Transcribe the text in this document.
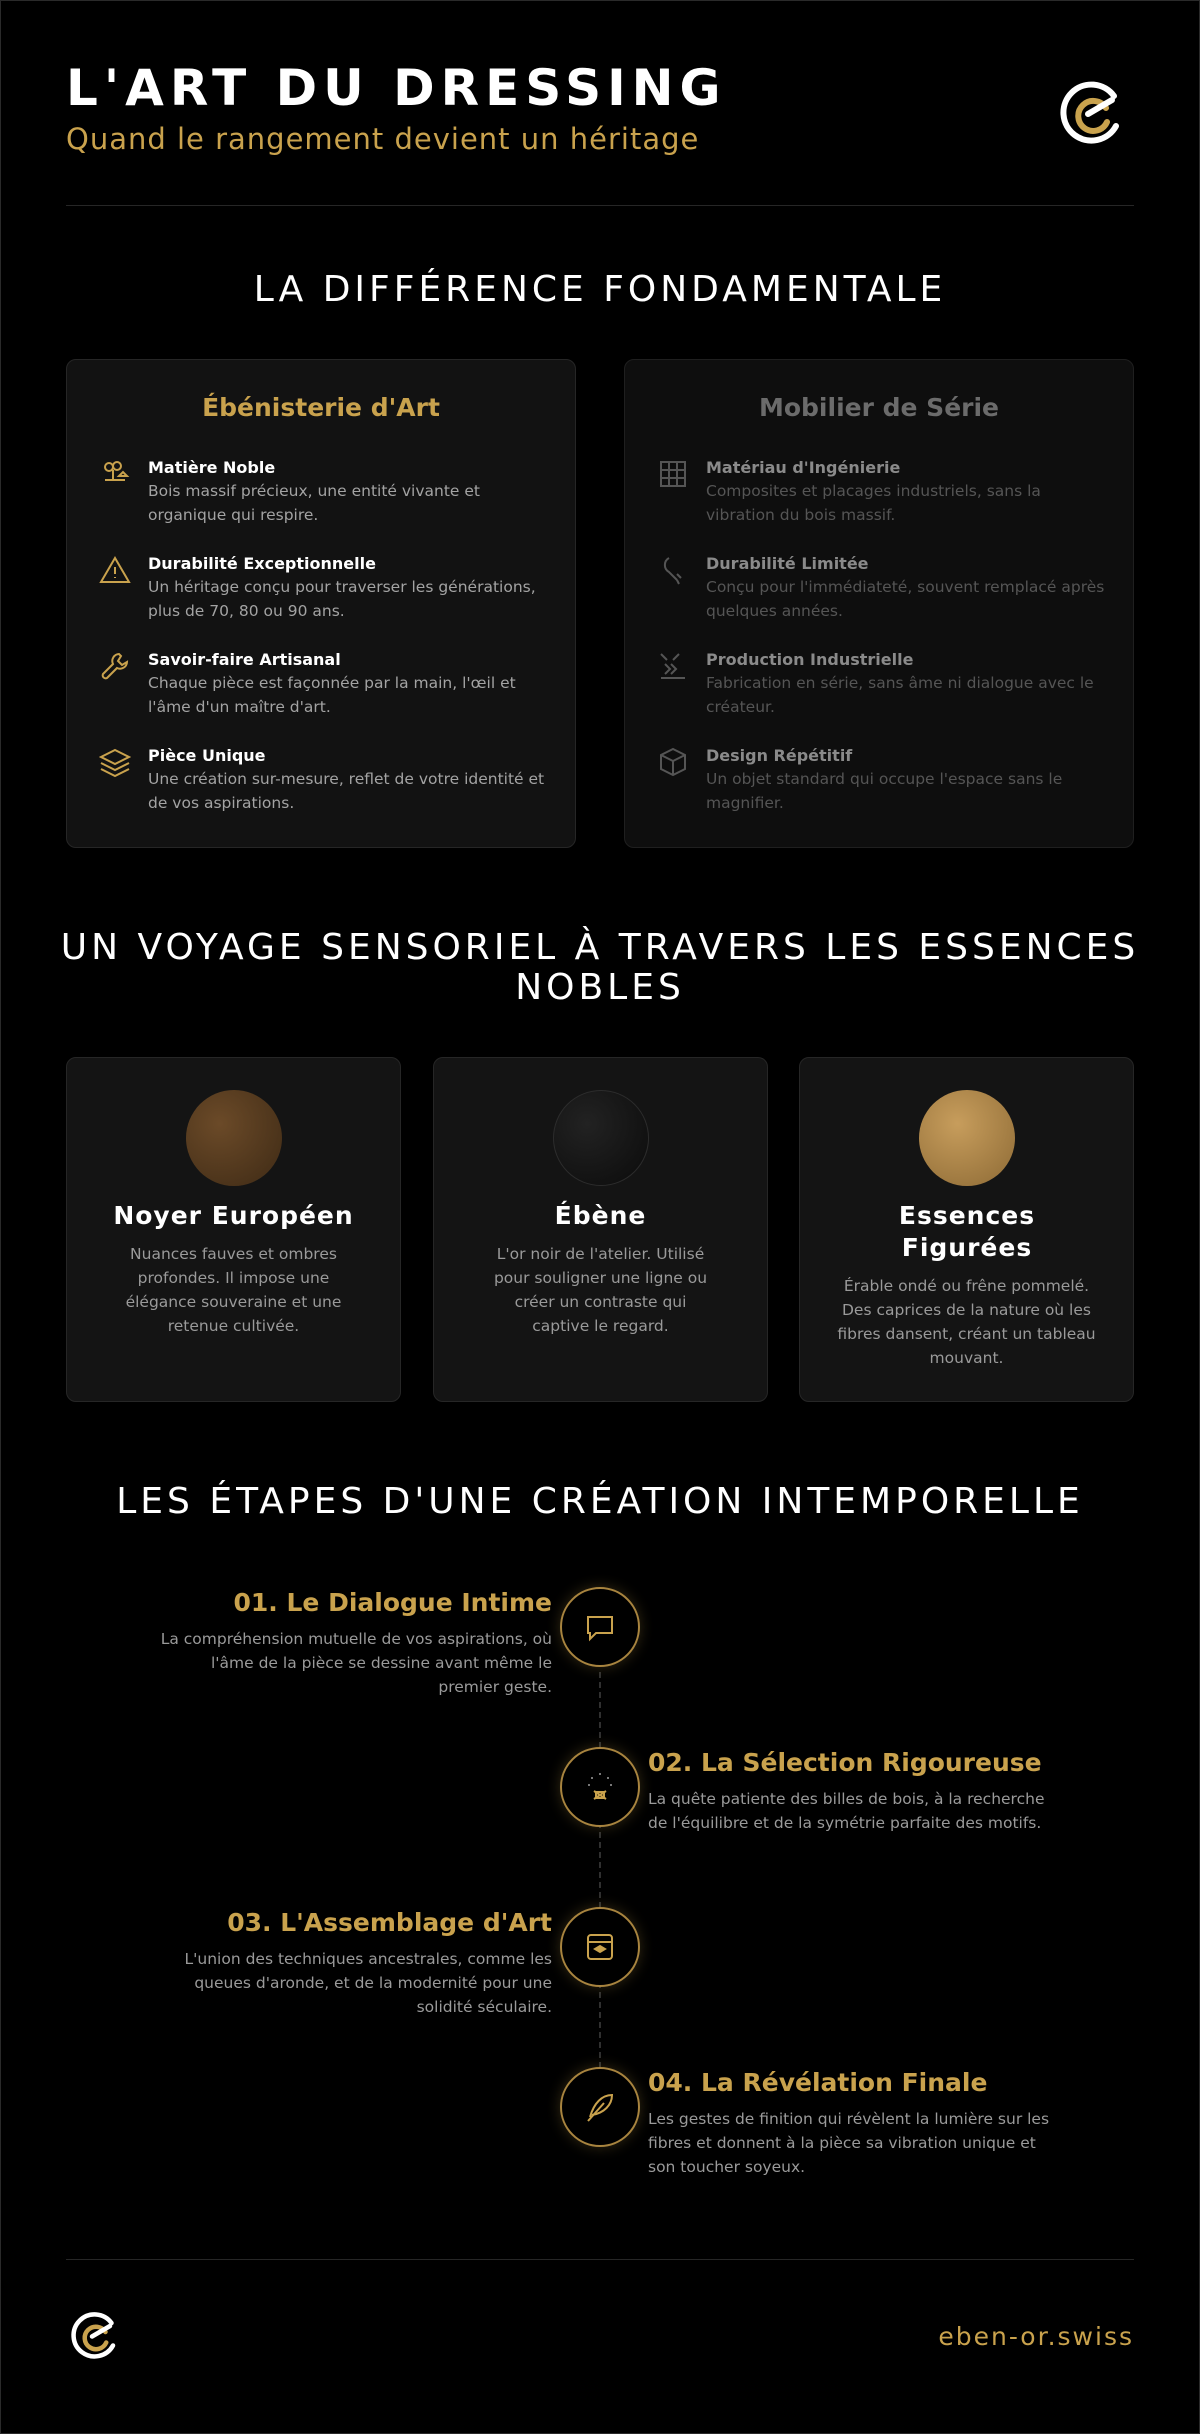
L'ART DU DRESSING
Quand le rangement devient un héritage
LA DIFFÉRENCE FONDAMENTALE
Ébénisterie d'Art
Matière Noble
Bois massif précieux, une entité vivante et organique qui respire.
Durabilité Exceptionnelle
Un héritage conçu pour traverser les générations, plus de 70, 80 ou 90 ans.
Savoir-faire Artisanal
Chaque pièce est façonnée par la main, l'œil et l'âme d'un maître d'art.
Pièce Unique
Une création sur-mesure, reflet de votre identité et de vos aspirations.
Mobilier de Série
Matériau d'Ingénierie
Composites et placages industriels, sans la vibration du bois massif.
Durabilité Limitée
Conçu pour l'immédiateté, souvent remplacé après quelques années.
Production Industrielle
Fabrication en série, sans âme ni dialogue avec le créateur.
Design Répétitif
Un objet standard qui occupe l'espace sans le magnifier.
UN VOYAGE SENSORIEL À TRAVERS LES ESSENCES NOBLES
Noyer Européen
Nuances fauves et ombres profondes. Il impose une élégance souveraine et une retenue cultivée.
Ébène
L'or noir de l'atelier. Utilisé pour souligner une ligne ou créer un contraste qui captive le regard.
Essences Figurées
Érable ondé ou frêne pommelé. Des caprices de la nature où les fibres dansent, créant un tableau mouvant.
LES ÉTAPES D'UNE CRÉATION INTEMPORELLE
01. Le Dialogue Intime
La compréhension mutuelle de vos aspirations, où l'âme de la pièce se dessine avant même le premier geste.
02. La Sélection Rigoureuse
La quête patiente des billes de bois, à la recherche de l'équilibre et de la symétrie parfaite des motifs.
03. L'Assemblage d'Art
L'union des techniques ancestrales, comme les queues d'aronde, et de la modernité pour une solidité séculaire.
04. La Révélation Finale
Les gestes de finition qui révèlent la lumière sur les fibres et donnent à la pièce sa vibration unique et son toucher soyeux.
eben-or.swiss
